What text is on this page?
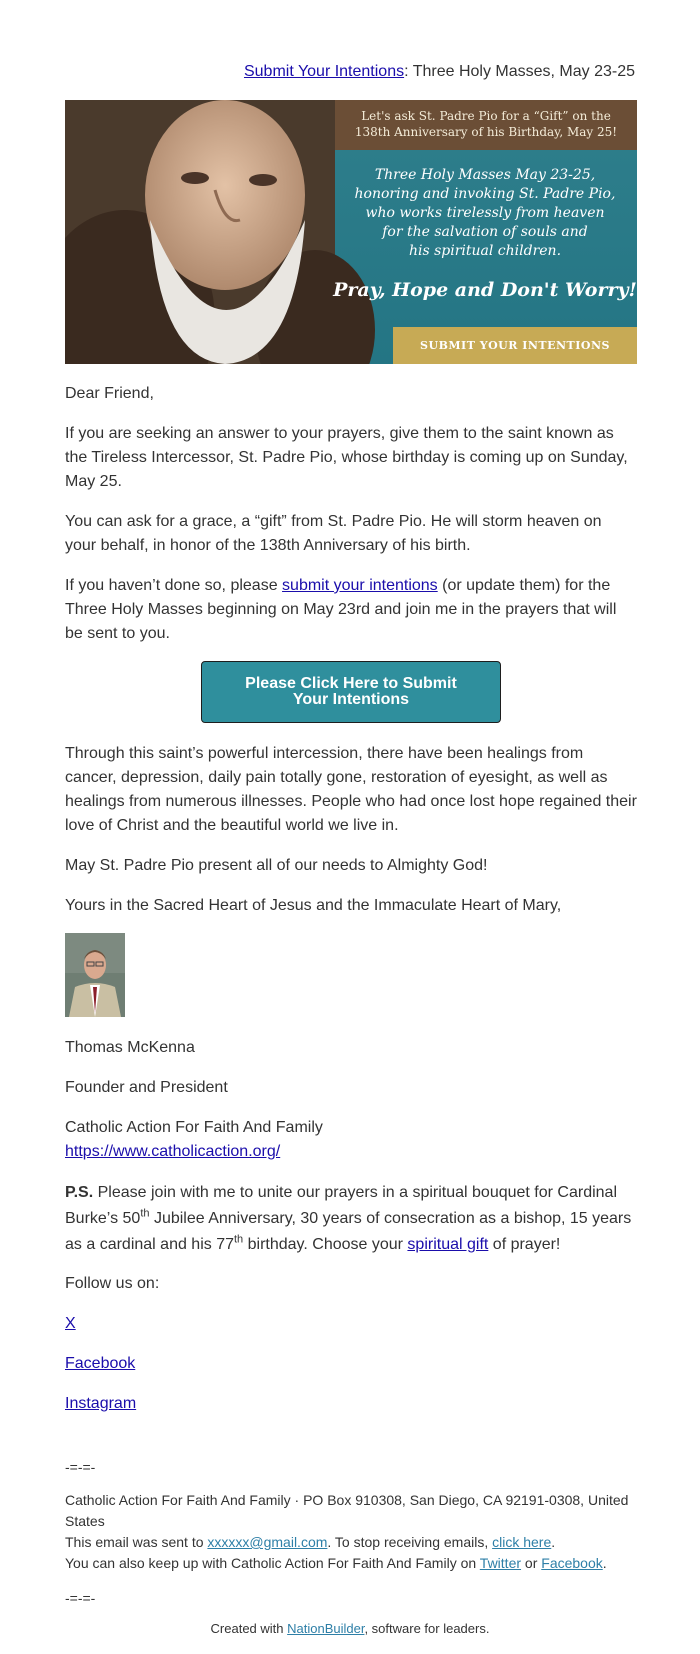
Submit Your Intentions: Three Holy Masses, May 23-25
Let's ask St. Padre Pio for a “Gift” on the
138th Anniversary of his Birthday, May 25!
Three Holy Masses May 23-25,
honoring and invoking St. Padre Pio,
who works tirelessly from heaven
for the salvation of souls and
his spiritual children.
Pray, Hope and Don't Worry!
SUBMIT YOUR INTENTIONS

Dear Friend,

If you are seeking an answer to your prayers, give them to the saint known as the Tireless Intercessor, St. Padre Pio, whose birthday is coming up on Sunday, May 25.

You can ask for a grace, a “gift” from St. Padre Pio. He will storm heaven on your behalf, in honor of the 138th Anniversary of his birth.

If you haven’t done so, please submit your intentions (or update them) for the Three Holy Masses beginning on May 23rd and join me in the prayers that will be sent to you.

Please Click Here to Submit Your Intentions

Through this saint’s powerful intercession, there have been healings from cancer, depression, daily pain totally gone, restoration of eyesight, as well as healings from numerous illnesses. People who had once lost hope regained their love of Christ and the beautiful world we live in.

May St. Padre Pio present all of our needs to Almighty God!

Yours in the Sacred Heart of Jesus and the Immaculate Heart of Mary,

Thomas McKenna

Founder and President

Catholic Action For Faith And Family

https://www.catholicaction.org/

P.S. Please join with me to unite our prayers in a spiritual bouquet for Cardinal Burke’s 50th Jubilee Anniversary, 30 years of consecration as a bishop, 15 years as a cardinal and his 77th birthday. Choose your spiritual gift of prayer!

Follow us on:

X

Facebook

Instagram

-=-=-

Catholic Action For Faith And Family · PO Box 910308, San Diego, CA 92191-0308, United States

This email was sent to xxxxxx@gmail.com. To stop receiving emails, click here.

You can also keep up with Catholic Action For Faith And Family on Twitter or Facebook.

-=-=-

Created with NationBuilder, software for leaders.
